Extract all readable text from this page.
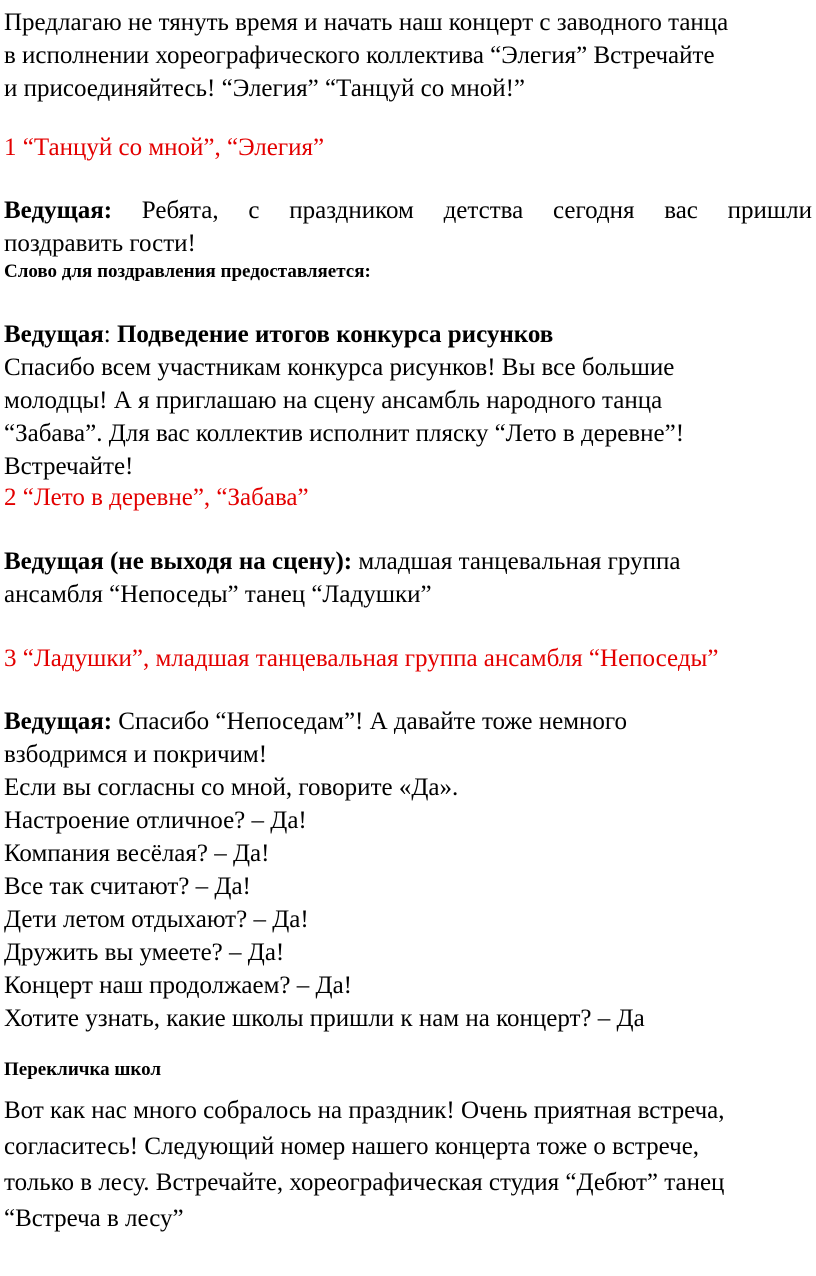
Предлагаю не тянуть время и начать наш концерт с заводного танца
в исполнении хореографического коллектива “Элегия” Встречайте
и присоединяйтесь! “Элегия” “Танцуй со мной!”
1 “Танцуй со мной”, “Элегия”
Ведущая: Ребята, с праздником детства сегодня вас пришли
поздравить гости!
Слово для поздравления предоставляется:
Ведущая: Подведение итогов конкурса рисунков
Спасибо всем участникам конкурса рисунков! Вы все большие
молодцы! А я приглашаю на сцену ансамбль народного танца
“Забава”. Для вас коллектив исполнит пляску “Лето в деревне”!
Встречайте!
2 “Лето в деревне”, “Забава”
Ведущая (не выходя на сцену): младшая танцевальная группа
ансамбля “Непоседы” танец “Ладушки”
3 “Ладушки”, младшая танцевальная группа ансамбля “Непоседы”
Ведущая: Спасибо “Непоседам”! А давайте тоже немного
взбодримся и покричим!
Если вы согласны со мной, говорите «Да».
Настроение отличное? – Да!
Компания весёлая? – Да!
Все так считают? – Да!
Дети летом отдыхают? – Да!
Дружить вы умеете? – Да!
Концерт наш продолжаем? – Да!
Хотите узнать, какие школы пришли к нам на концерт? – Да
Перекличка школ
Вот как нас много собралось на праздник! Очень приятная встреча,
согласитесь! Следующий номер нашего концерта тоже о встрече,
только в лесу. Встречайте, хореографическая студия “Дебют” танец
“Встреча в лесу”
